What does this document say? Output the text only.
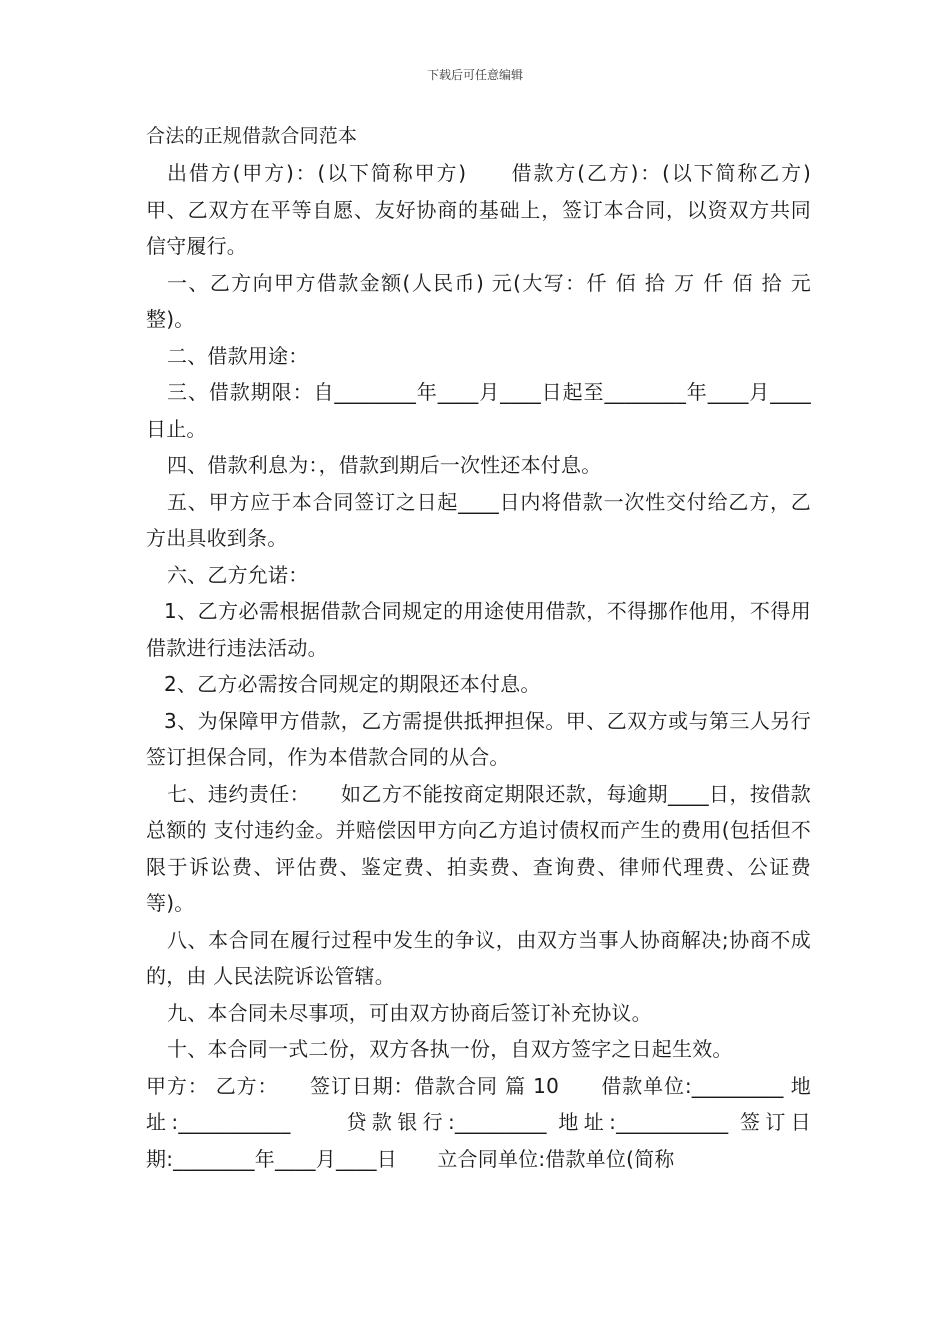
下载后可任意编辑

合法的正规借款合同范本

出借方(甲方)：(以下简称甲方)　　借款方(乙方)：(以下简称乙方)　　甲、乙双方在平等自愿、友好协商的基础上，签订本合同，以资双方共同信守履行。

一、乙方向甲方借款金额(人民币) 元(大写：仟 佰 拾 万 仟 佰 拾 元整)。

二、借款用途：

三、借款期限：自________年____月____日起至________年____月____日止。

四、借款利息为：，借款到期后一次性还本付息。

五、甲方应于本合同签订之日起____日内将借款一次性交付给乙方，乙方出具收到条。

六、乙方允诺：

1、乙方必需根据借款合同规定的用途使用借款，不得挪作他用，不得用借款进行违法活动。

2、乙方必需按合同规定的期限还本付息。

3、为保障甲方借款，乙方需提供抵押担保。甲、乙双方或与第三人另行签订担保合同，作为本借款合同的从合。

七、违约责任：　　如乙方不能按商定期限还款，每逾期____日，按借款总额的 支付违约金。并赔偿因甲方向乙方追讨债权而产生的费用(包括但不限于诉讼费、评估费、鉴定费、拍卖费、查询费、律师代理费、公证费等)。

八、本合同在履行过程中发生的争议，由双方当事人协商解决;协商不成的，由 人民法院诉讼管辖。

九、本合同未尽事项，可由双方协商后签订补充协议。

十、本合同一式二份，双方各执一份，自双方签字之日起生效。

甲方： 乙方：　　签订日期：借款合同 篇 10　　借款单位:_________ 地址:___________　　贷款银行:_________ 地址:___________ 签订日期:________年____月____日　　立合同单位:借款单位(简称
